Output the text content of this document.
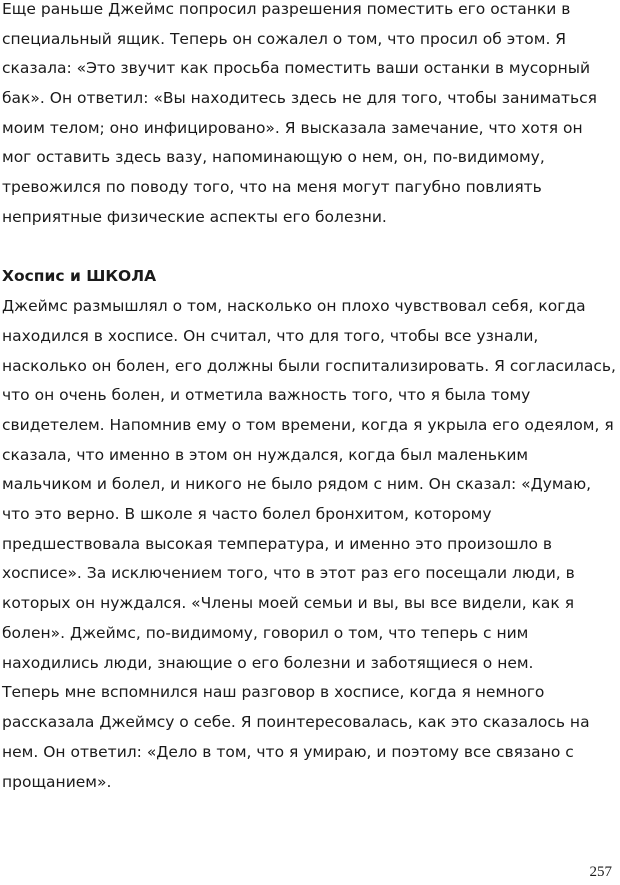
Еще раньше Джеймс попросил разрешения поместить его останки в
специальный ящик. Теперь он сожалел о том, что просил об этом. Я
сказала: «Это звучит как просьба поместить ваши останки в мусорный
бак». Он ответил: «Вы находитесь здесь не для того, чтобы заниматься
моим телом; оно инфицировано». Я высказала замечание, что хотя он
мог оставить здесь вазу, напоминающую о нем, он, по-видимому,
тревожился по поводу того, что на меня могут пагубно повлиять
неприятные физические аспекты его болезни.
Хоспис и ШКОЛА
Джеймс размышлял о том, насколько он плохо чувствовал себя, когда
находился в хосписе. Он считал, что для того, чтобы все узнали,
насколько он болен, его должны были госпитализировать. Я согласилась,
что он очень болен, и отметила важность того, что я была тому
свидетелем. Напомнив ему о том времени, когда я укрыла его одеялом, я
сказала, что именно в этом он нуждался, когда был маленьким
мальчиком и болел, и никого не было рядом с ним. Он сказал: «Думаю,
что это верно. В школе я часто болел бронхитом, которому
предшествовала высокая температура, и именно это произошло в
хосписе». За исключением того, что в этот раз его посещали люди, в
которых он нуждался. «Члены моей семьи и вы, вы все видели, как я
болен». Джеймс, по-видимому, говорил о том, что теперь с ним
находились люди, знающие о его болезни и заботящиеся о нем.
Теперь мне вспомнился наш разговор в хосписе, когда я немного
рассказала Джеймсу о себе. Я поинтересовалась, как это сказалось на
нем. Он ответил: «Дело в том, что я умираю, и поэтому все связано с
прощанием».
257
